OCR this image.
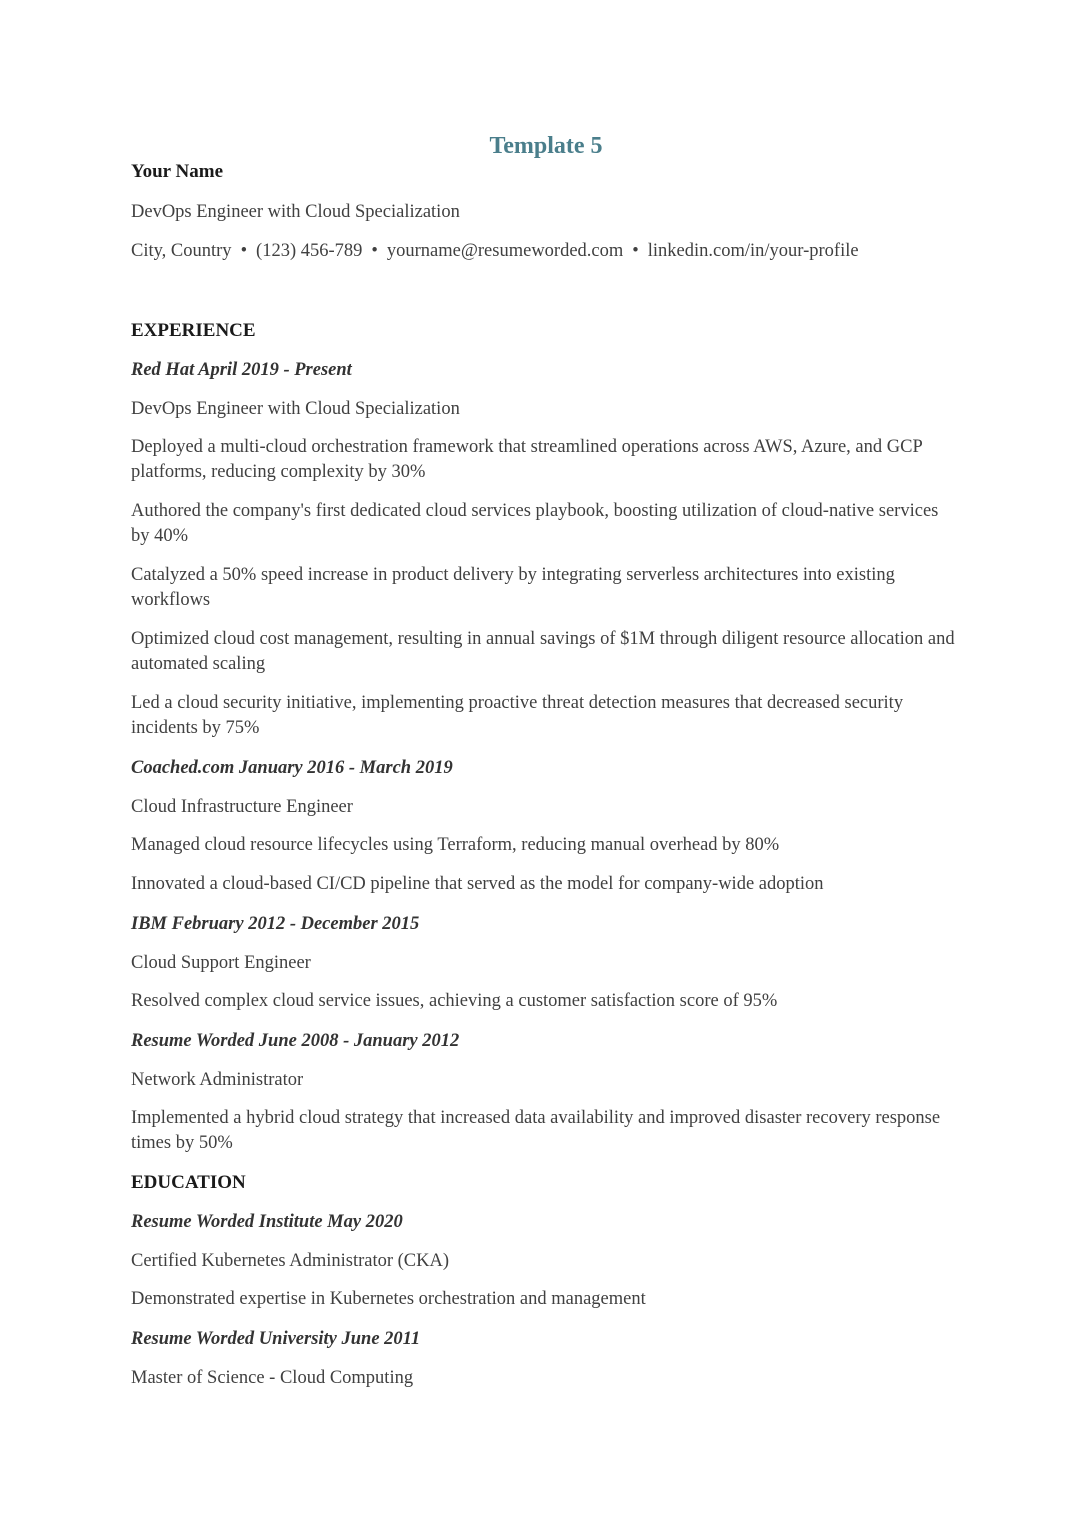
Template 5
Your Name

DevOps Engineer with Cloud Specialization

City, Country • (123) 456-789 • yourname@resumeworded.com • linkedin.com/in/your-profile

EXPERIENCE
Red Hat April 2019 - Present
DevOps Engineer with Cloud Specialization
Deployed a multi-cloud orchestration framework that streamlined operations across AWS, Azure, and GCP platforms, reducing complexity by 30%
Authored the company's first dedicated cloud services playbook, boosting utilization of cloud-native services by 40%
Catalyzed a 50% speed increase in product delivery by integrating serverless architectures into existing workflows
Optimized cloud cost management, resulting in annual savings of $1M through diligent resource allocation and automated scaling
Led a cloud security initiative, implementing proactive threat detection measures that decreased security incidents by 75%
Coached.com January 2016 - March 2019
Cloud Infrastructure Engineer
Managed cloud resource lifecycles using Terraform, reducing manual overhead by 80%
Innovated a cloud-based CI/CD pipeline that served as the model for company-wide adoption
IBM February 2012 - December 2015
Cloud Support Engineer
Resolved complex cloud service issues, achieving a customer satisfaction score of 95%
Resume Worded June 2008 - January 2012
Network Administrator
Implemented a hybrid cloud strategy that increased data availability and improved disaster recovery response times by 50%
EDUCATION
Resume Worded Institute May 2020
Certified Kubernetes Administrator (CKA)
Demonstrated expertise in Kubernetes orchestration and management
Resume Worded University June 2011
Master of Science - Cloud Computing
